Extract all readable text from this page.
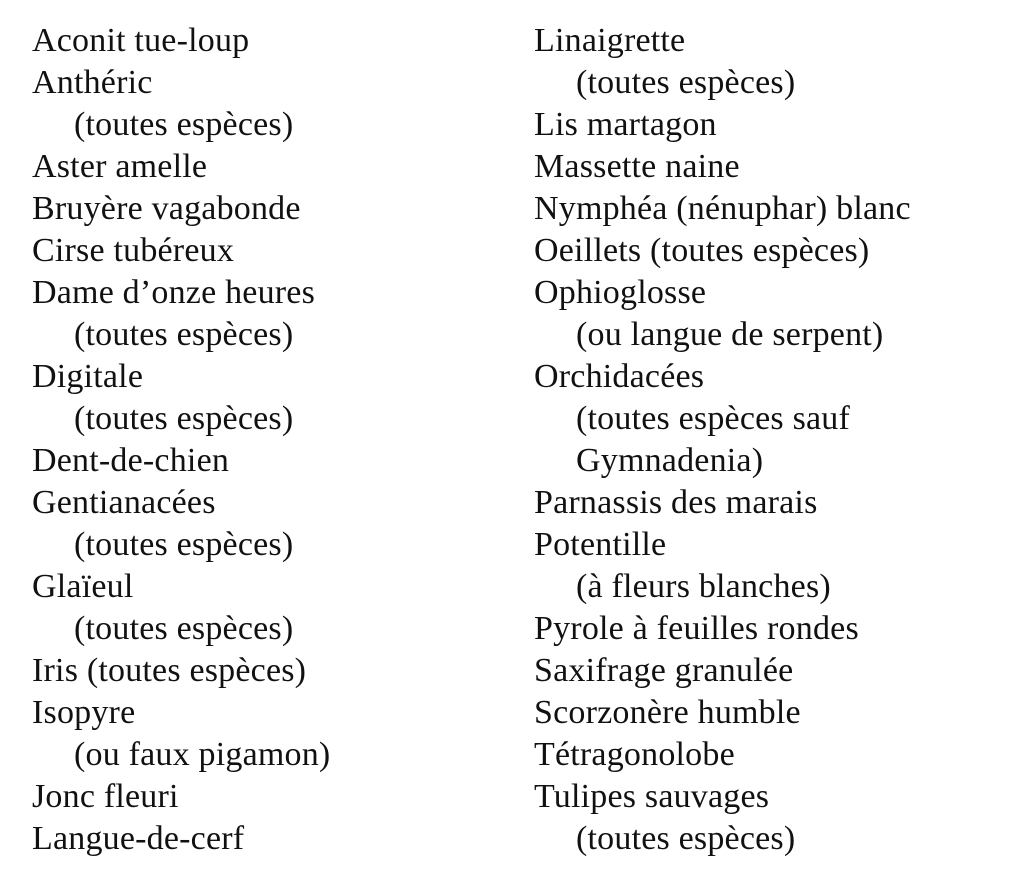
Aconit tue-loup
Anthéric
(toutes espèces)
Aster amelle
Bruyère vagabonde
Cirse tubéreux
Dame d’onze heures
(toutes espèces)
Digitale
(toutes espèces)
Dent-de-chien
Gentianacées
(toutes espèces)
Glaïeul
(toutes espèces)
Iris (toutes espèces)
Isopyre
(ou faux pigamon)
Jonc fleuri
Langue-de-cerf
Linaigrette
(toutes espèces)
Lis martagon
Massette naine
Nymphéa (nénuphar) blanc
Oeillets (toutes espèces)
Ophioglosse
(ou langue de serpent)
Orchidacées
(toutes espèces sauf
Gymnadenia)
Parnassis des marais
Potentille
(à fleurs blanches)
Pyrole à feuilles rondes
Saxifrage granulée
Scorzonère humble
Tétragonolobe
Tulipes sauvages
(toutes espèces)
